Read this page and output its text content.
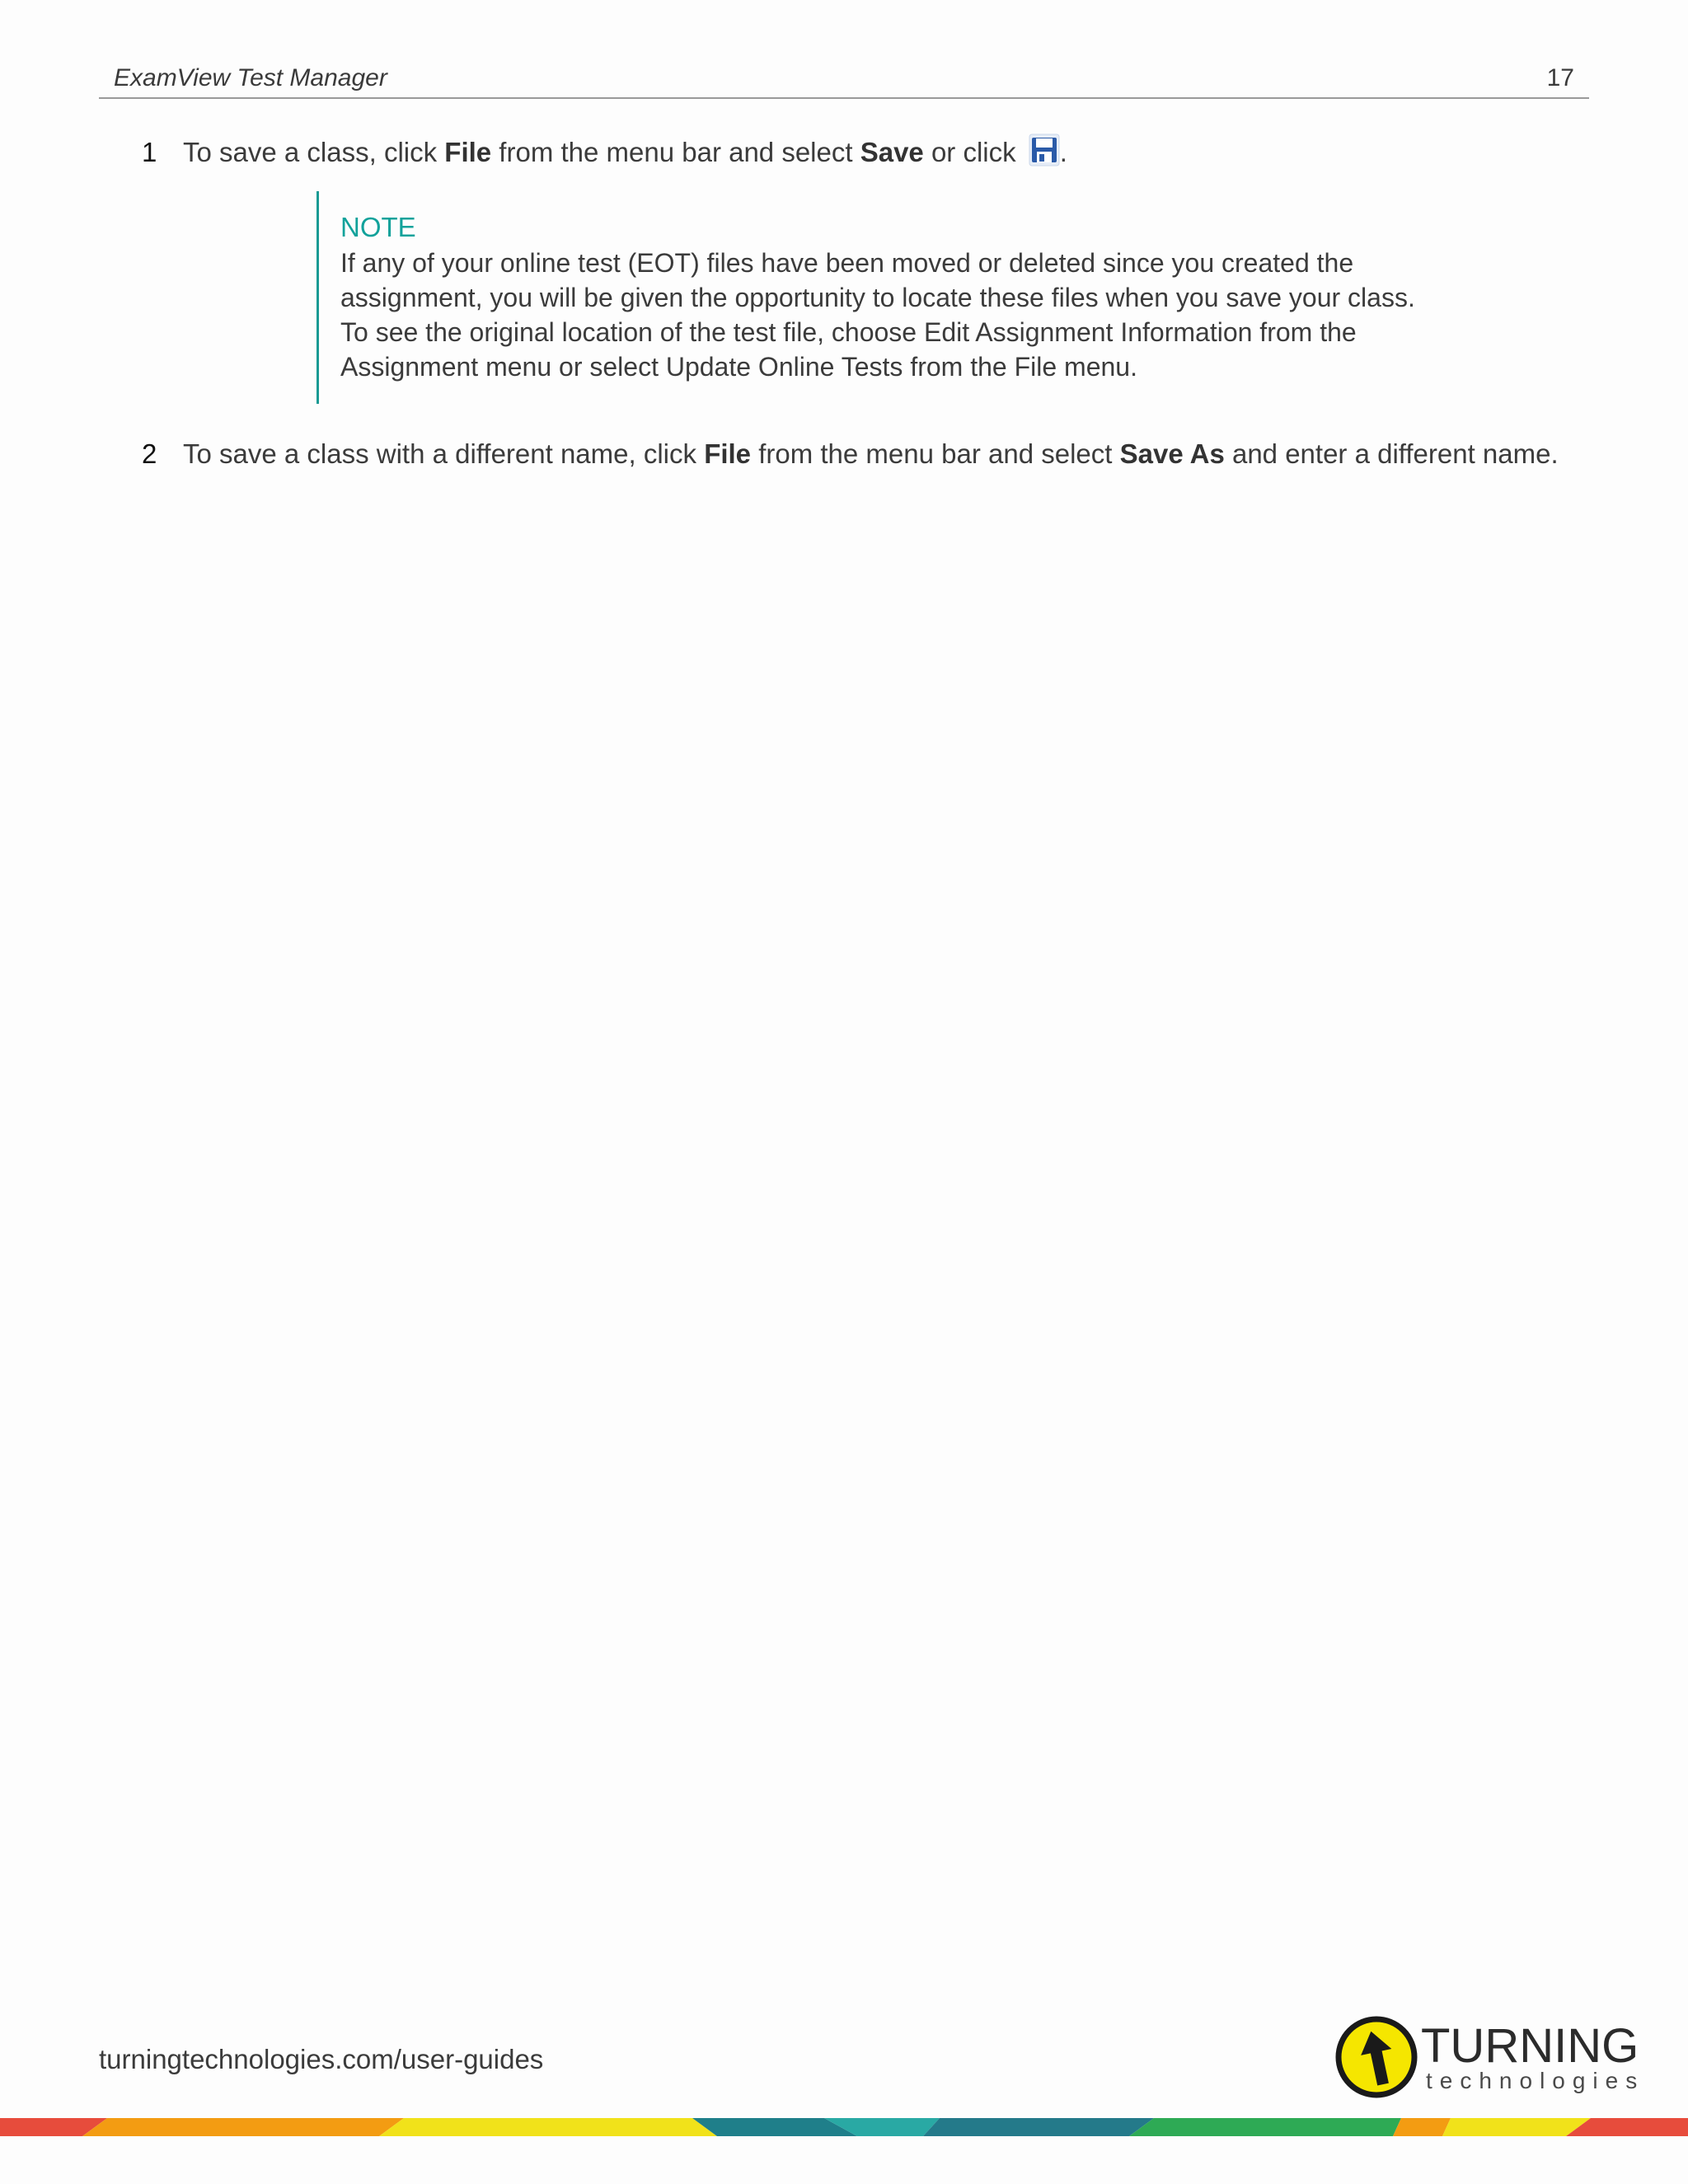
ExamView Test Manager	17
1 To save a class, click File from the menu bar and select Save or click .
NOTE
If any of your online test (EOT) files have been moved or deleted since you created the
assignment, you will be given the opportunity to locate these files when you save your class.
To see the original location of the test file, choose Edit Assignment Information from the
Assignment menu or select Update Online Tests from the File menu.
2 To save a class with a different name, click File from the menu bar and select Save As and enter a different name.
turningtechnologies.com/user-guides	TURNING
technologies
